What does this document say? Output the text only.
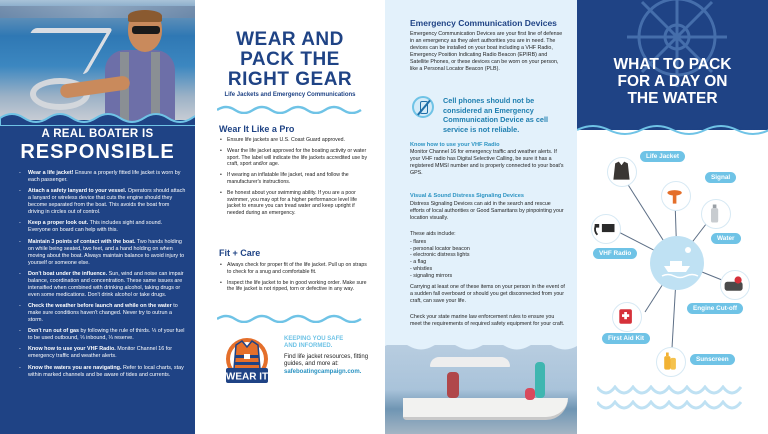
A REAL BOATER IS
RESPONSIBLE
- Wear a life jacket! Ensure a properly fitted life jacket is worn by each passenger.
- Attach a safety lanyard to your vessel. Operators should attach a lanyard or wireless device that cuts the engine should they become separated from the boat. This avoids the boat from driving in circles out of control.
- Keep a proper look out. This includes sight and sound. Everyone on board can help with this.
- Maintain 3 points of contact with the boat. Two hands holding on while being seated, two feet, and a hand holding on when moving about the boat. Always maintain balance to avoid injury to yourself or someone else.
- Don't boat under the influence. Sun, wind and noise can impair balance, coordination and concentration. These same issues are intensified when combined with drinking alcohol, taking drugs or even some medications. Don't drink alcohol or take drugs.
- Check the weather before launch and while on the water to make sure conditions haven't changed. Never try to outrun a storm.
- Don't run out of gas by following the rule of thirds. ⅓ of your fuel to be used outbound, ⅓ inbound, ⅓ reserve.
- Know how to use your VHF Radio. Monitor Channel 16 for emergency traffic and weather alerts.
- Know the waters you are navigating. Refer to local charts, stay within marked channels and be aware of tides and currents.
WEAR AND
PACK THE
RIGHT GEAR
Life Jackets and Emergency Communications
Wear It Like a Pro
• Ensure life jackets are U.S. Coast Guard approved.
• Wear the life jacket approved for the boating activity or water sport. The label will indicate the life jackets accredited use by craft, sport and/or age.
• If wearing an inflatable life jacket, read and follow the manufacturer's instructions.
• Be honest about your swimming ability. If you are a poor swimmer, you may opt for a higher performance level life jacket to ensure you can tread water and keep upright if needed during an emergency.
Fit + Care
• Always check for proper fit of the life jacket. Pull up on straps to check for a snug and comfortable fit.
• Inspect the life jacket to be in good working order. Make sure the life jacket is not ripped, torn or defective in any way.
WEAR IT
KEEPING YOU SAFE
AND INFORMED.
Find life jacket resources, fitting guides, and more at:
safeboatingcampaign.com.
Emergency Communication Devices
Emergency Communication Devices are your first line of defense in an emergency as they alert authorities you are in need. The devices can be installed on your boat including a VHF Radio, Emergency Position Indicating Radio Beacon (EPIRB) and Satellite Phones, or these devices can be worn on your person, like a Personal Locator Beacon (PLB).
Cell phones should not be considered an Emergency Communication Device as cell service is not reliable.
Know how to use your VHF Radio
Monitor Channel 16 for emergency traffic and weather alerts. If your VHF radio has Digital Selective Calling, be sure it has a registered MMSI number and is properly connected to your boat's GPS.
Visual & Sound Distress Signaling Devices
Distress Signaling Devices can aid in the search and rescue efforts of local authorities or Good Samaritans by pinpointing your location visually.
These aids include:
- flares
- personal locator beacon
- electronic distress lights
- a flag
- whistles
- signaling mirrors
Carrying at least one of these items on your person in the event of a sudden fall overboard or should you get disconnected from your craft, can save your life.
Check your state marine law enforcement rules to ensure you meet the requirements of required safety equipment for your craft.
WHAT TO PACK
FOR A DAY ON
THE WATER
Life Jacket
Signal
Water
VHF Radio
Engine Cut-off
First Aid Kit
Sunscreen
